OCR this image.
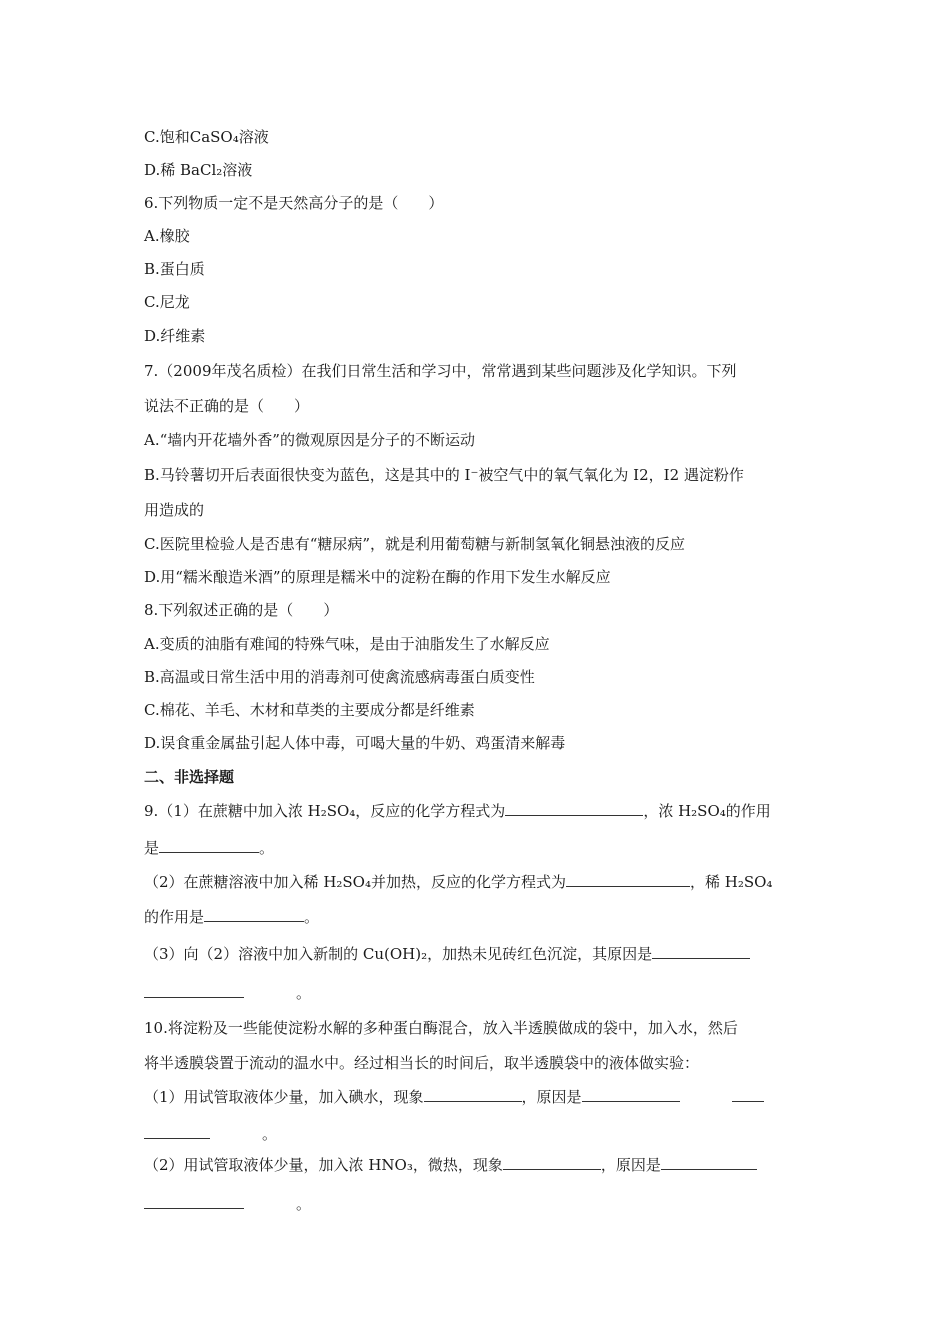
C.饱和CaSO₄溶液
D.稀 BaCl₂溶液
6.下列物质一定不是天然高分子的是（　　）
A.橡胶
B.蛋白质
C.尼龙
D.纤维素
7.（2009年茂名质检）在我们日常生活和学习中，常常遇到某些问题涉及化学知识。下列
说法不正确的是（　　）
A.“墙内开花墙外香”的微观原因是分子的不断运动
B.马铃薯切开后表面很快变为蓝色，这是其中的 I⁻被空气中的氧气氧化为 I2，I2 遇淀粉作
用造成的
C.医院里检验人是否患有“糖尿病”，就是利用葡萄糖与新制氢氧化铜悬浊液的反应
D.用“糯米酿造米酒”的原理是糯米中的淀粉在酶的作用下发生水解反应
8.下列叙述正确的是（　　）
A.变质的油脂有难闻的特殊气味，是由于油脂发生了水解反应
B.高温或日常生活中用的消毒剂可使禽流感病毒蛋白质变性
C.棉花、羊毛、木材和草类的主要成分都是纤维素
D.误食重金属盐引起人体中毒，可喝大量的牛奶、鸡蛋清来解毒
二、非选择题
9.（1）在蔗糖中加入浓 H₂SO₄，反应的化学方程式为	，浓 H₂SO₄的作用
是	。
（2）在蔗糖溶液中加入稀 H₂SO₄并加热，反应的化学方程式为	，稀 H₂SO₄
的作用是	。
（3）向（2）溶液中加入新制的 Cu(OH)₂，加热未见砖红色沉淀，其原因是
。
10.将淀粉及一些能使淀粉水解的多种蛋白酶混合，放入半透膜做成的袋中，加入水，然后
将半透膜袋置于流动的温水中。经过相当长的时间后，取半透膜袋中的液体做实验：
（1）用试管取液体少量，加入碘水，现象	，原因是
。
（2）用试管取液体少量，加入浓 HNO₃，微热，现象	，原因是
。
